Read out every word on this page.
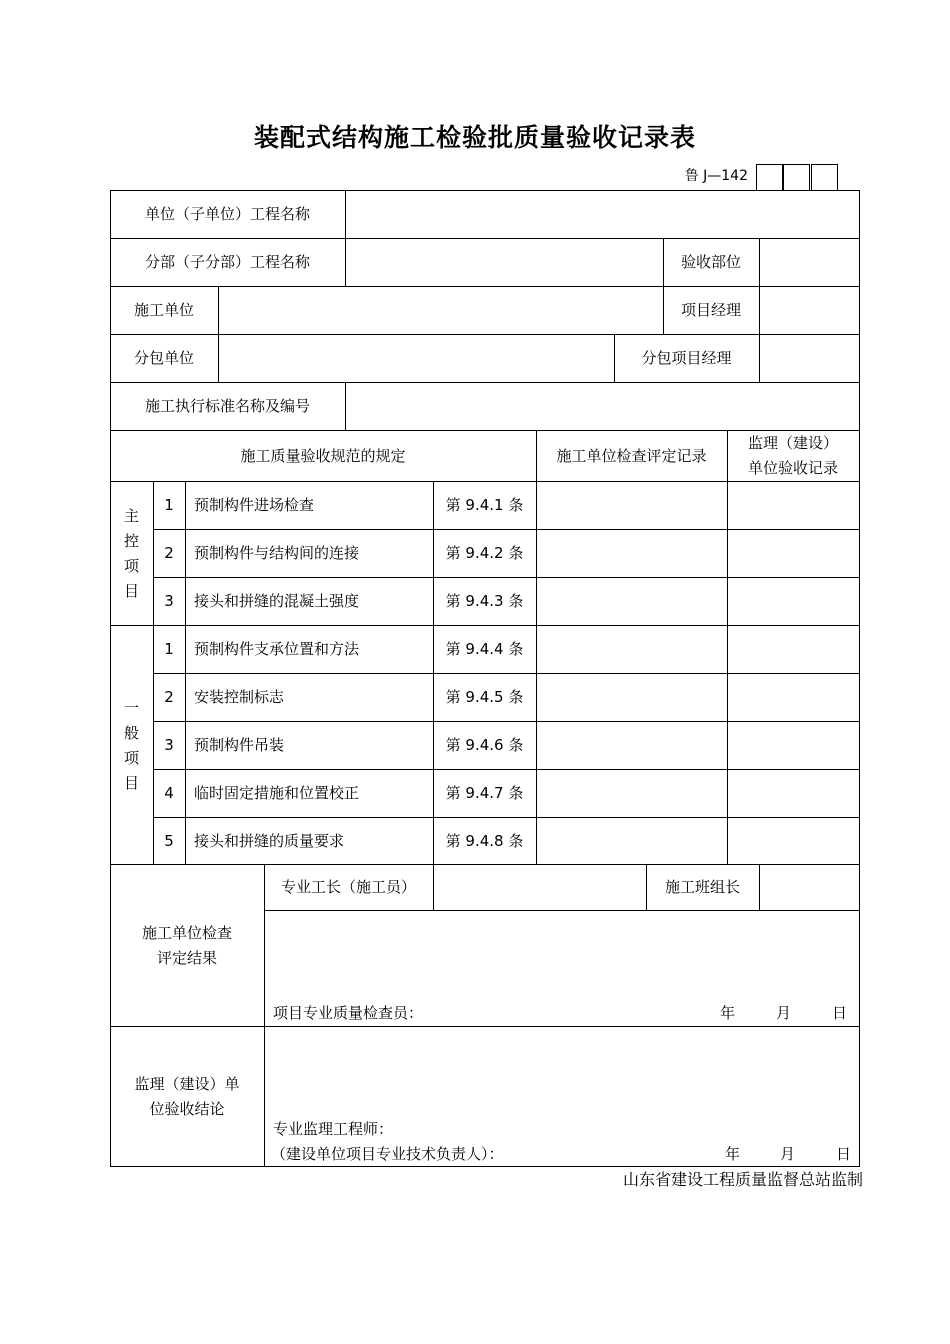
装配式结构施工检验批质量验收记录表
鲁 J—142
单位（子单位）工程名称
分部（子分部）工程名称	验收部位
施工单位	项目经理
分包单位	分包项目经理
施工执行标准名称及编号
施工质量验收规范的规定	施工单位检查评定记录
监理（建设）
单位验收记录
主
控
项
目
1	预制构件进场检查	第 9.4.1 条
2	预制构件与结构间的连接	第 9.4.2 条
3	接头和拼缝的混凝土强度	第 9.4.3 条
一
般
项
目
1	预制构件支承位置和方法	第 9.4.4 条
2	安装控制标志	第 9.4.5 条
3	预制构件吊装	第 9.4.6 条
4	临时固定措施和位置校正	第 9.4.7 条
5	接头和拼缝的质量要求	第 9.4.8 条
施工单位检查
评定结果
专业工长（施工员）	施工班组长
项目专业质量检查员：	年	月	日
监理（建设）单
位验收结论
专业监理工程师：
（建设单位项目专业技术负责人）：	年	月	日
山东省建设工程质量监督总站监制
